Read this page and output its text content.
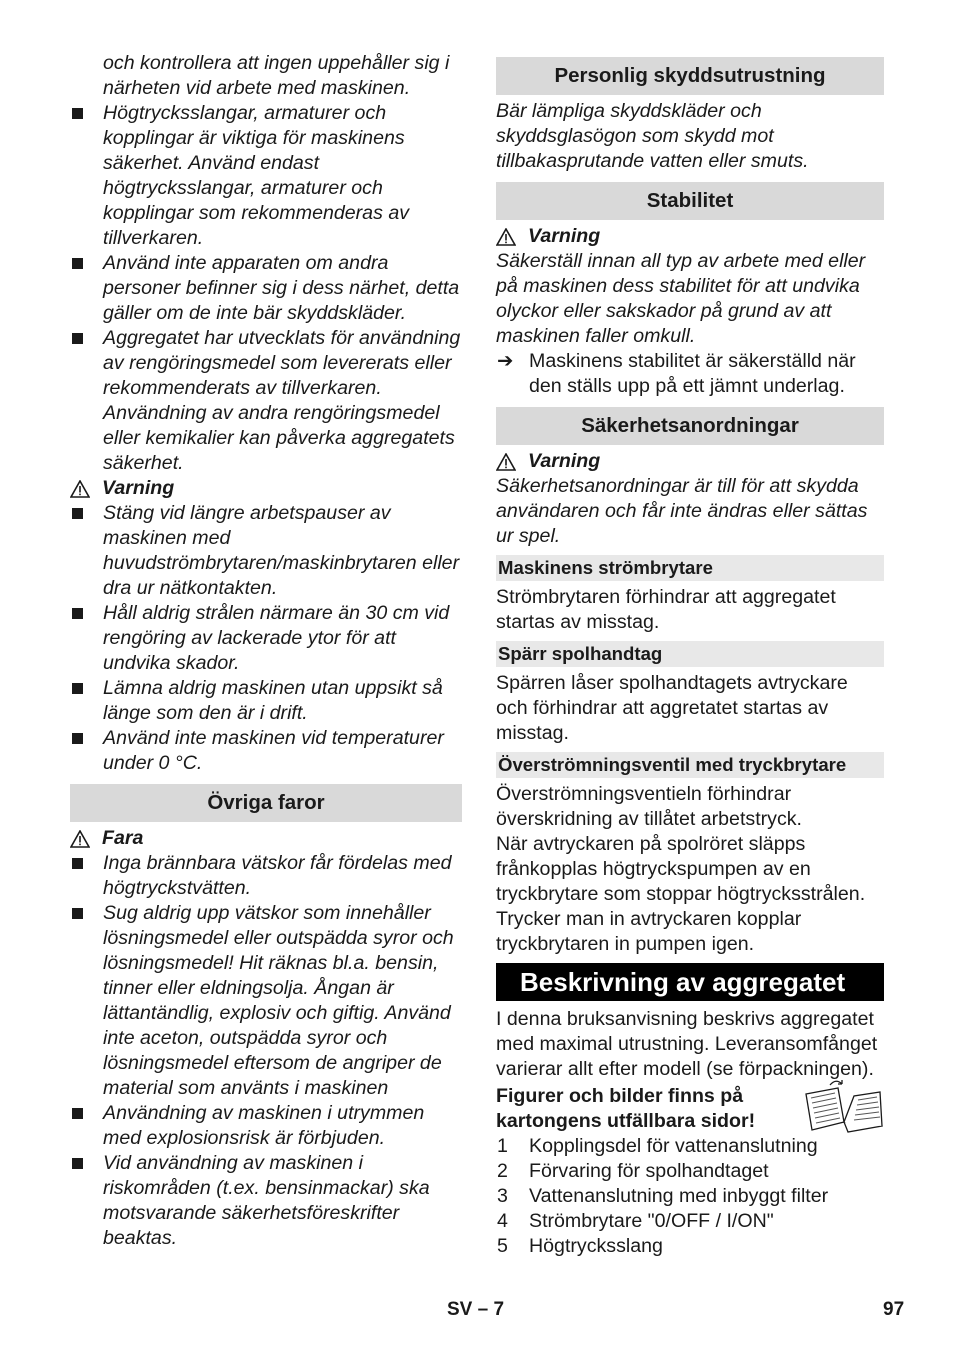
och kontrollera att ingen uppehåller sig i närheten vid arbete med maskinen.

Högtrycksslangar, armaturer och kopplingar är viktiga för maskinens säkerhet. Använd endast högtrycksslangar, armaturer och kopplingar som rekommenderas av tillverkaren.
Använd inte apparaten om andra personer befinner sig i dess närhet, detta gäller om de inte bär skyddskläder.
Aggregatet har utvecklats för användning av rengöringsmedel som levererats eller rekommenderats av tillverkaren. Användning av andra rengöringsmedel eller kemikalier kan påverka aggregatets säkerhet.

Varning

Stäng vid längre arbetspauser av maskinen med huvudströmbrytaren/maskinbrytaren eller dra ur nätkontakten.
Håll aldrig strålen närmare än 30 cm vid rengöring av lackerade ytor för att undvika skador.
Lämna aldrig maskinen utan uppsikt så länge som den är i drift.
Använd inte maskinen vid temperaturer under 0 °C.
Övriga faror

Fara

Inga brännbara vätskor får fördelas med högtryckstvätten.
Sug aldrig upp vätskor som innehåller lösningsmedel eller outspädda syror och lösningsmedel! Hit räknas bl.a. bensin, tinner eller eldningsolja. Ångan är lättantändlig, explosiv och giftig. Använd inte aceton, outspädda syror och lösningsmedel eftersom de angriper de material som använts i maskinen
Användning av maskinen i utrymmen med explosionsrisk är förbjuden.
Vid användning av maskinen i riskområden (t.ex. bensinmackar) ska motsvarande säkerhetsföreskrifter beaktas.
Personlig skyddsutrustning

Bär lämpliga skyddskläder och skyddsglasögon som skydd mot tillbakasprutande vatten eller smuts.

Stabilitet

Varning

Säkerställ innan all typ av arbete med eller på maskinen dess stabilitet för att undvika olyckor eller sakskador på grund av att maskinen faller omkull.

➔ Maskinens stabilitet är säkerställd när den ställs upp på ett jämnt underlag.

Säkerhetsanordningar

Varning

Säkerhetsanordningar är till för att skydda användaren och får inte ändras eller sättas ur spel.

Maskinens strömbrytare

Strömbrytaren förhindrar att aggregatet startas av misstag.

Spärr spolhandtag

Spärren låser spolhandtagets avtryckare och förhindrar att aggretatet startas av misstag.

Överströmningsventil med tryckbrytare

Överströmningsventieln förhindrar överskridning av tillåtet arbetstryck.

När avtryckaren på spolröret släpps frånkopplas högtryckspumpen av en tryckbrytare som stoppar högtrycksstrålen. Trycker man in avtryckaren kopplar tryckbrytaren in pumpen igen.

Beskrivning av aggregatet

I denna bruksanvisning beskrivs aggregatet med maximal utrustning. Leveransomfånget varierar allt efter modell (se förpackningen).

Figurer och bilder finns på kartongens utfällbara sidor!
1 Kopplingsdel för vattenanslutning
2 Förvaring för spolhandtaget
3 Vattenanslutning med inbyggt filter
4 Strömbrytare "0/OFF / I/ON"
5 Högtrycksslang
SV – 7	97
